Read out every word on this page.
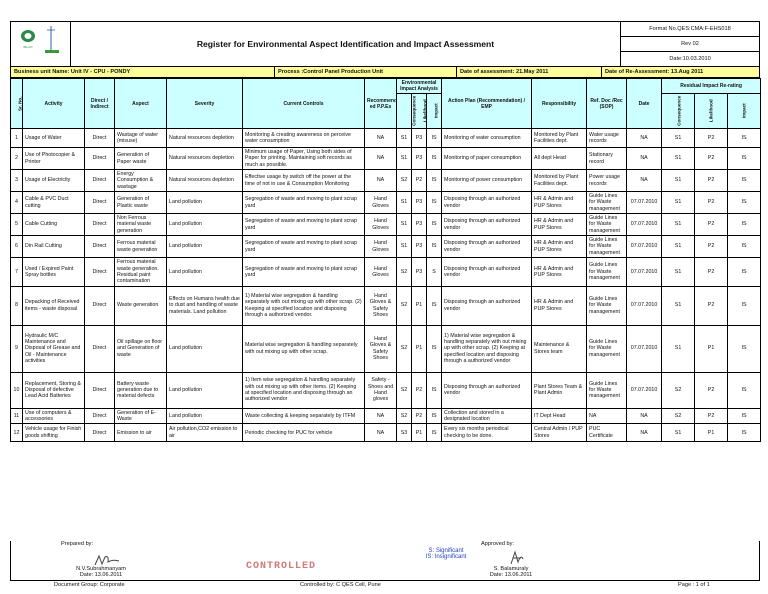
BILCO	Register for Environmental Aspect Identification and Impact Assessment
Format No.QES:CMA:F-EHS018
Rev 02
Date:10.03.2010
Business unit Name: Unit IV - CPU - PONDY	Process :Control Panel Production Unit	Date of assessment: 21.May 2011	Date of Re-Assessment: 13.Aug 2011
Sr. No.	Activity	Direct / Indirect	Aspect	Severity	Current Controls	Recommend ed P.P.Es	Environmental Impact Analysis			Action Plan (Recommendation) / EMP	Responsibility	Ref. Doc /Rec (SOP)	Date	Residual Impact Re-rating		
							Consequence	Likelihood	Impact					Consequence	Likelihood	Impact
1	Usage of Water	Direct	Wastage of water (misuse)	Natural resources depletion	Monitoring & creating awareness on perceive water consumption	NA	S1	P3	IS	Monitoring of water consumption	Monitored by Plant Facilities dept.	Water usage records	NA	S1	P2	IS
2	Use of Photocopier & Printer	Direct	Generation of Paper waste	Natural resources depletion	Minimum usage of Paper, Using both sides of Paper for printing. Maintaining soft records as much as possible.	NA	S1	P3	IS	Monitoring of paper consumption	All dept Head	Stationary record	NA	S1	P2	IS
3	Usage of Electricity	Direct	Energy Consumption & wastage	Natural resources depletion	Effective usage by switch off the power at the time of not in use & Consumption Monitoring	NA	S2	P2	IS	Monitoring of power consumption	Monitored by Plant Facilities dept.	Power usage records	NA	S1	P2	IS
4	Cable & PVC Duct cutting	Direct	Generation of Plastic waste	Land pollution	Segregation of waste and moving to plant scrap yard	Hand Gloves	S1	P3	IS	Disposing through an authorized vendor	HR & Admin and PUP Stores	Guide Lines for Waste management	07.07.2010	S1	P2	IS
5	Cable Cutting	Direct	Non Ferrous material waste generation	Land pollution	Segregation of waste and moving to plant scrap yard	Hand Gloves	S1	P3	IS	Disposing through an authorized vendor	HR & Admin and PUP Stores	Guide Lines for Waste management	07.07.2010	S1	P2	IS
6	Din Rail Cutting	Direct	Ferrous material waste generation	Land pollution	Segregation of waste and moving to plant scrap yard	Hand Gloves	S1	P3	IS	Disposing through an authorized vendor	HR & Admin and PUP Stores	Guide Lines for Waste management	07.07.2010	S1	P2	IS
7	Used / Expired Paint Spray bottles	Direct	Ferrous material waste generation. Residual paint contamination	Land pollution	Segregation of waste and moving to plant scrap yard	Hand Gloves	S2	P3	S	Disposing through an authorized vendor	HR & Admin and PUP Stores	Guide Lines for Waste management	07.07.2010	S1	P2	IS
8	Depacking of Received items - waste disposal	Direct	Waste generation	Effects on Humans health due to dust and handling of waste materials. Land pollution	1) Material wise segregation & handling separately with out mixing up with other scrap. (2) Keeping at specified location and disposing through a authorized vendor.	Hand Gloves & Safety Shoes	S2	P1	IS	Disposing through an authorized vendor	HR & Admin and PUP Stores	Guide Lines for Waste management	07.07.2010	S1	P2	IS
9	Hydraulic M/C Maintenance and Disposal of Grease and Oil - Maintenance activities	Direct	Oil spillage on floor and Generation of waste	Land pollution	Material wise segregation & handling separately with out mixing up with other scrap.	Hand Gloves & Safety Shoes	S2	P1	IS	1) Material wise segregation & handling separately with out mixing up with other scrap. (2) Keeping at specified location and disposing through a authorized vendor	Maintenance & Stores team	Guide Lines for Waste management	07.07.2010	S1	P1	IS
10	Replacement, Storing & Disposal of defective Lead Acid Batteries	Direct	Battery waste generation due to material defects	Land pollution	1) Item wise segregation & handling separately with out mixing up with other items. (2) Keeping at specified location and disposing through an authorized vendor	Safety - Shoes and Hand gloves	S2	P2	IS	Disposing through an authorized vendor	Plant Stores Team & Plant Admin	Guide Lines for Waste management	07.07.2010	S2	P2	IS
11	Use of computers & accessories	Direct	Generation of E-Waste	Land pollution	Waste collecting & keeping separately by ITFM	NA	S2	P2	IS	Collection and stored in a designated location	IT Dept Head	NA	NA	S2	P2	IS
12	Vehicle usage for Finish goods shifting	Direct	Emission to air	Air pollution,CO2 emission to air	Periodic checking for PUC for vehicle	NA	S3	P1	IS	Every six months periodical checking to be done.	Central Admin / PUP Stores	PUC Certificate	NA	S1	P1	IS
Prepared by:
N.V.Subrahmanyam
Date: 13.06.2011
CONTROLLED
S: Significant
IS: Insignificant
Approved by:
S. Balamuraly
Date: 13.06.2011
Document Group: Corporate	Controlled by: C QES Cell, Pune	Page : 1 of 1
